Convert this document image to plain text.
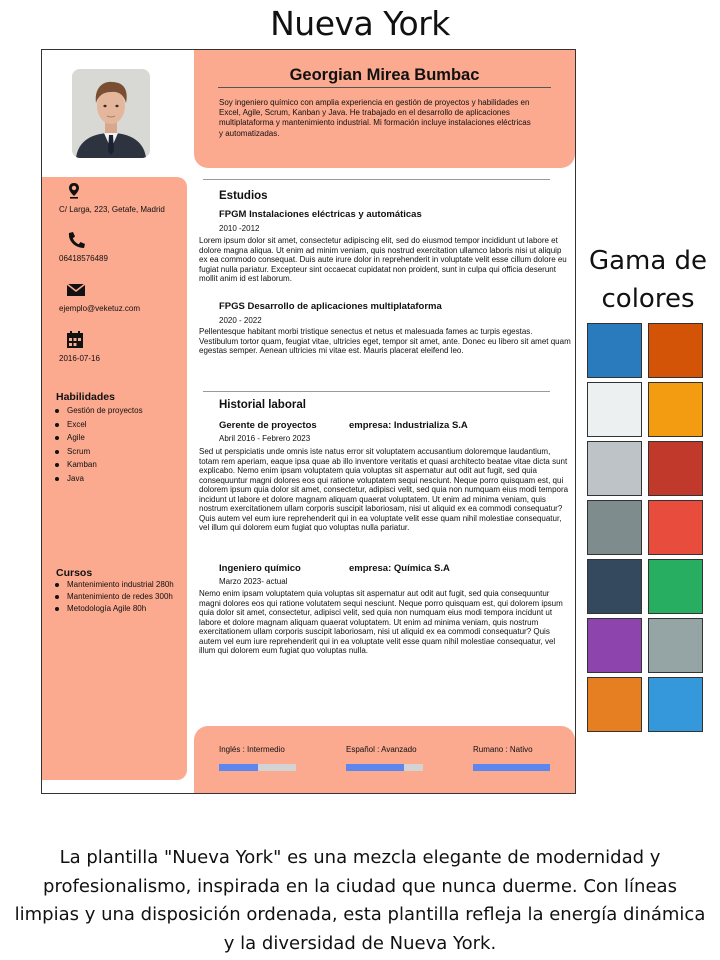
Nueva York
Georgian Mirea Bumbac
Soy ingeniero químico con amplia experiencia en gestión de proyectos y habilidades en Excel, Agile, Scrum, Kanban y Java. He trabajado en el desarrollo de aplicaciones multiplataforma y mantenimiento industrial. Mi formación incluye instalaciones eléctricas y automatizadas.
C/ Larga, 223, Getafe, Madrid
06418576489
ejemplo@veketuz.com
2016-07-16
Habilidades
Gestión de proyectos
Excel
Agile
Scrum
Kamban
Java
Cursos
Mantenimiento industrial 280h
Mantenimiento de redes 300h
Metodología Agile 80h
Estudios
FPGM Instalaciones eléctricas y automáticas
2010 -2012
Lorem ipsum dolor sit amet, consectetur adipiscing elit, sed do eiusmod tempor incididunt ut labore et dolore magna aliqua. Ut enim ad minim veniam, quis nostrud exercitation ullamco laboris nisi ut aliquip ex ea commodo consequat. Duis aute irure dolor in reprehenderit in voluptate velit esse cillum dolore eu fugiat nulla pariatur. Excepteur sint occaecat cupidatat non proident, sunt in culpa qui officia deserunt mollit anim id est laborum.
FPGS Desarrollo de aplicaciones multiplataforma
2020 - 2022
Pellentesque habitant morbi tristique senectus et netus et malesuada fames ac turpis egestas. Vestibulum tortor quam, feugiat vitae, ultricies eget, tempor sit amet, ante. Donec eu libero sit amet quam egestas semper. Aenean ultricies mi vitae est. Mauris placerat eleifend leo.
Historial laboral
Gerente de proyectos	empresa: Industrializa S.A
Abril 2016 - Febrero 2023
Sed ut perspiciatis unde omnis iste natus error sit voluptatem accusantium doloremque laudantium, totam rem aperiam, eaque ipsa quae ab illo inventore veritatis et quasi architecto beatae vitae dicta sunt explicabo. Nemo enim ipsam voluptatem quia voluptas sit aspernatur aut odit aut fugit, sed quia consequuntur magni dolores eos qui ratione voluptatem sequi nesciunt. Neque porro quisquam est, qui dolorem ipsum quia dolor sit amet, consectetur, adipisci velit, sed quia non numquam eius modi tempora incidunt ut labore et dolore magnam aliquam quaerat voluptatem. Ut enim ad minima veniam, quis nostrum exercitationem ullam corporis suscipit laboriosam, nisi ut aliquid ex ea commodi consequatur? Quis autem vel eum iure reprehenderit qui in ea voluptate velit esse quam nihil molestiae consequatur, vel illum qui dolorem eum fugiat quo voluptas nulla pariatur.
Ingeniero químico	empresa: Química S.A
Marzo 2023- actual
Nemo enim ipsam voluptatem quia voluptas sit aspernatur aut odit aut fugit, sed quia consequuntur magni dolores eos qui ratione volutatem sequi nesciunt. Neque porro quisquam est, qui dolorem ipsum quia dolor sit amet, consectetur, adipisci velit, sed quia non numquam eius modi tempora incidunt ut labore et dolore magnam aliquam quaerat voluptatem. Ut enim ad minima veniam, quis nostrum exercitationem ullam corporis suscipit laboriosam, nisi ut aliquid ex ea commodi consequatur? Quis autem vel eum iure reprehenderit qui in ea voluptate velit esse quam nihil molestiae consequatur, vel illum qui dolorem eum fugiat quo voluptas nulla.
Inglés : Intermedio	Español : Avanzado	Rumano : Nativo
Gama de colores
La plantilla "Nueva York" es una mezcla elegante de modernidad y profesionalismo, inspirada en la ciudad que nunca duerme. Con líneas limpias y una disposición ordenada, esta plantilla refleja la energía dinámica y la diversidad de Nueva York.
